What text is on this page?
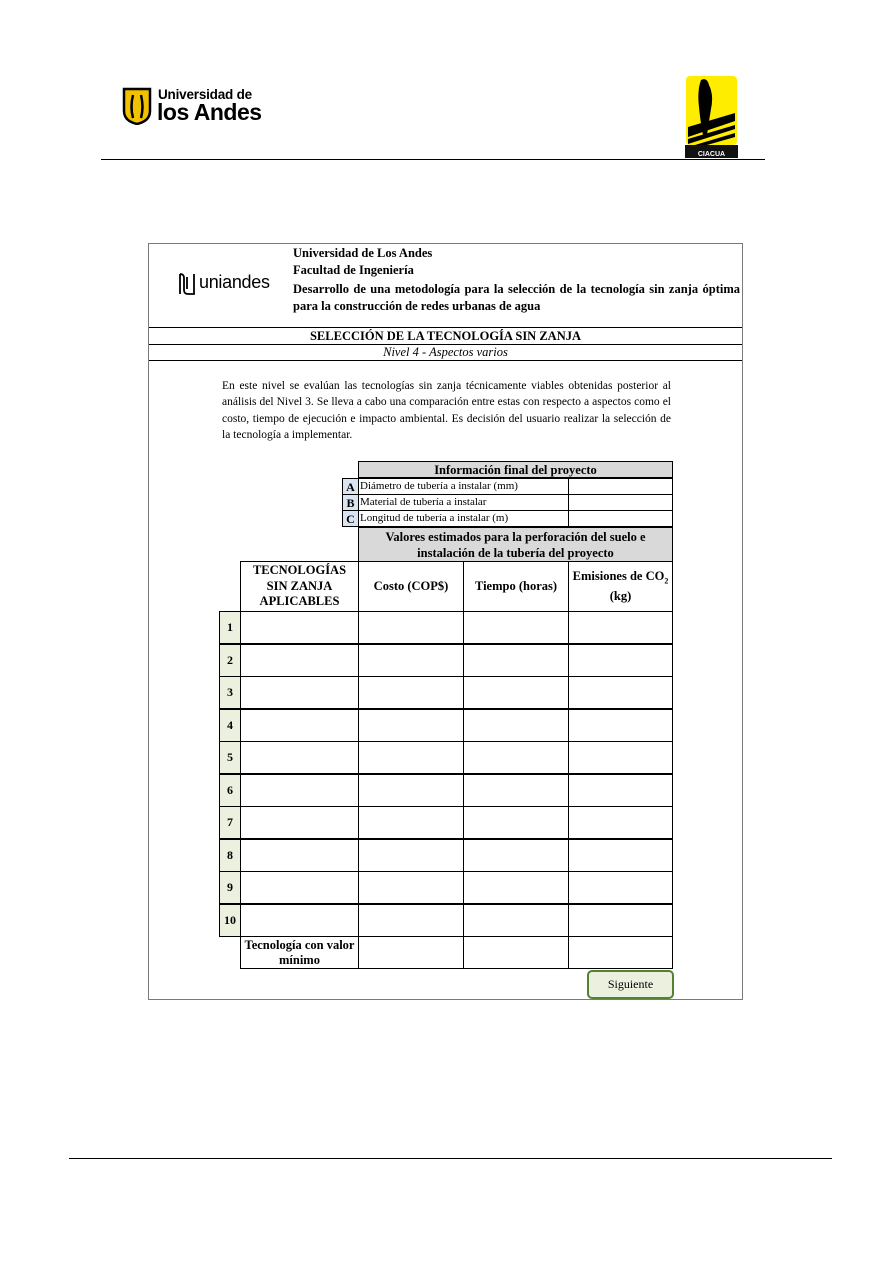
Universidad de
los Andes
CIACUA
uniandes
Universidad de Los Andes
Facultad de Ingeniería
Desarrollo de una metodología para la selección de la tecnología sin zanja óptima para la construcción de redes urbanas de agua
SELECCIÓN DE LA TECNOLOGÍA SIN ZANJA
Nivel 4 - Aspectos varios
En este nivel se evalúan las tecnologías sin zanja técnicamente viables obtenidas posterior al análisis del Nivel 3. Se lleva a cabo una comparación entre estas con respecto a aspectos como el costo, tiempo de ejecución e impacto ambiental. Es decisión del usuario realizar la selección de la tecnología a implementar.
Información final del proyecto
A Diámetro de tubería a instalar (mm)
B Material de tubería a instalar
C Longitud de tubería a instalar (m)
Valores estimados para la perforación del suelo e instalación de la tubería del proyecto
TECNOLOGÍAS SIN ZANJA APLICABLES
Costo (COP$) Tiempo (horas)
Emisiones de $CO_2$ (kg)
1
2
3
4
5
6
7
8
9
10
Tecnología con valor mínimo
Siguiente
